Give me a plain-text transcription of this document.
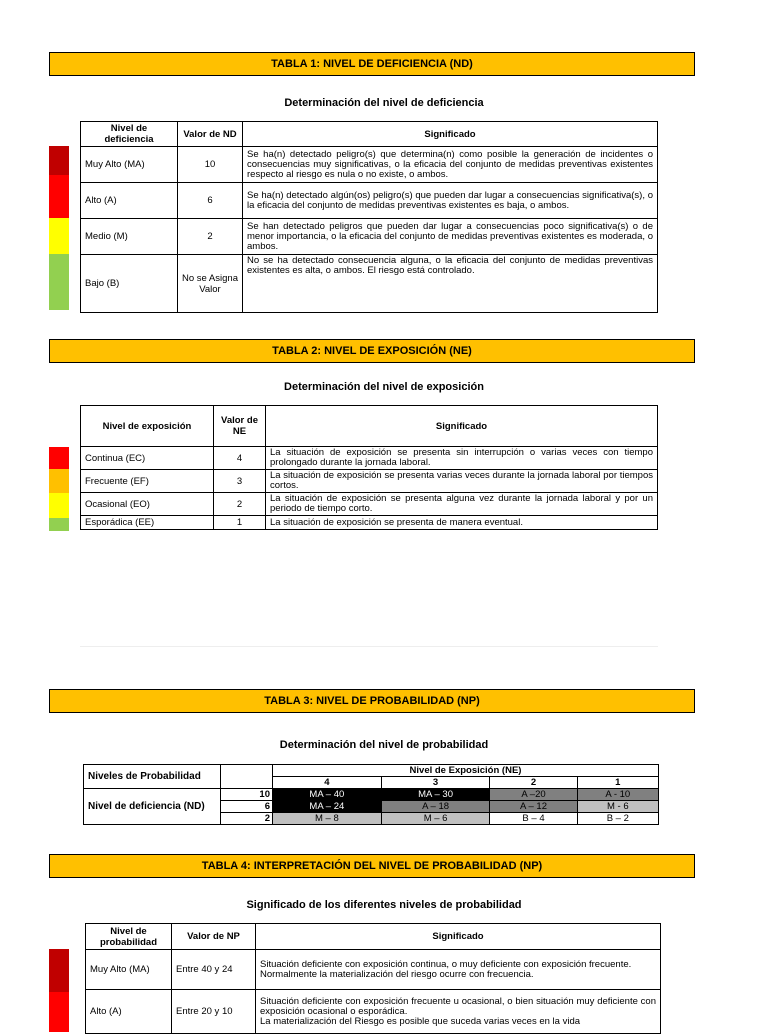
TABLA 1: NIVEL DE DEFICIENCIA (ND)
Determinación del nivel de deficiencia
Nivel de deficiencia	Valor de ND	Significado
Muy Alto (MA)	10	Se ha(n) detectado peligro(s) que determina(n) como posible la generación de incidentes o consecuencias muy significativas, o la eficacia del conjunto de medidas preventivas existentes respecto al riesgo es nula o no existe, o ambos.
Alto (A)	6	Se ha(n) detectado algún(os) peligro(s) que pueden dar lugar a consecuencias significativa(s), o la eficacia del conjunto de medidas preventivas existentes es baja, o ambos.
Medio (M)	2	Se han detectado peligros que pueden dar lugar a consecuencias poco significativa(s) o de menor importancia, o la eficacia del conjunto de medidas preventivas existentes es moderada, o ambos.
Bajo (B)	No se Asigna Valor	No se ha detectado consecuencia alguna, o la eficacia del conjunto de medidas preventivas existentes es alta, o ambos. El riesgo está controlado.
TABLA 2: NIVEL DE EXPOSICIÓN (NE)
Determinación del nivel de exposición
Nivel de exposición	Valor de NE	Significado
Continua (EC)	4	La situación de exposición se presenta sin interrupción o varias veces con tiempo prolongado durante la jornada laboral.
Frecuente (EF)	3	La situación de exposición se presenta varias veces durante la jornada laboral por tiempos cortos.
Ocasional (EO)	2	La situación de exposición se presenta alguna vez durante la jornada laboral y por un periodo de tiempo corto.
Esporádica (EE)	1	La situación de exposición se presenta de manera eventual.
TABLA 3: NIVEL DE PROBABILIDAD (NP)
Determinación del nivel de probabilidad
Niveles de Probabilidad		Nivel de Exposición (NE)			
		4	3	2	1
Nivel de deficiencia (ND)	10	MA – 40	MA – 30	A –20	A - 10
	6	MA – 24	A – 18	A – 12	M - 6
	2	M – 8	M – 6	B – 4	B – 2
TABLA 4: INTERPRETACIÓN DEL NIVEL DE PROBABILIDAD (NP)
Significado de los diferentes niveles de probabilidad
Nivel de probabilidad	Valor de NP	Significado
Muy Alto (MA)	Entre 40 y 24	Situación deficiente con exposición continua, o muy deficiente con exposición frecuente.
Normalmente la materialización del riesgo ocurre con frecuencia.

Alto (A)	Entre 20 y 10	Situación deficiente con exposición frecuente u ocasional, o bien situación muy deficiente con exposición ocasional o esporádica.
La materialización del Riesgo es posible que suceda varias veces en la vida
